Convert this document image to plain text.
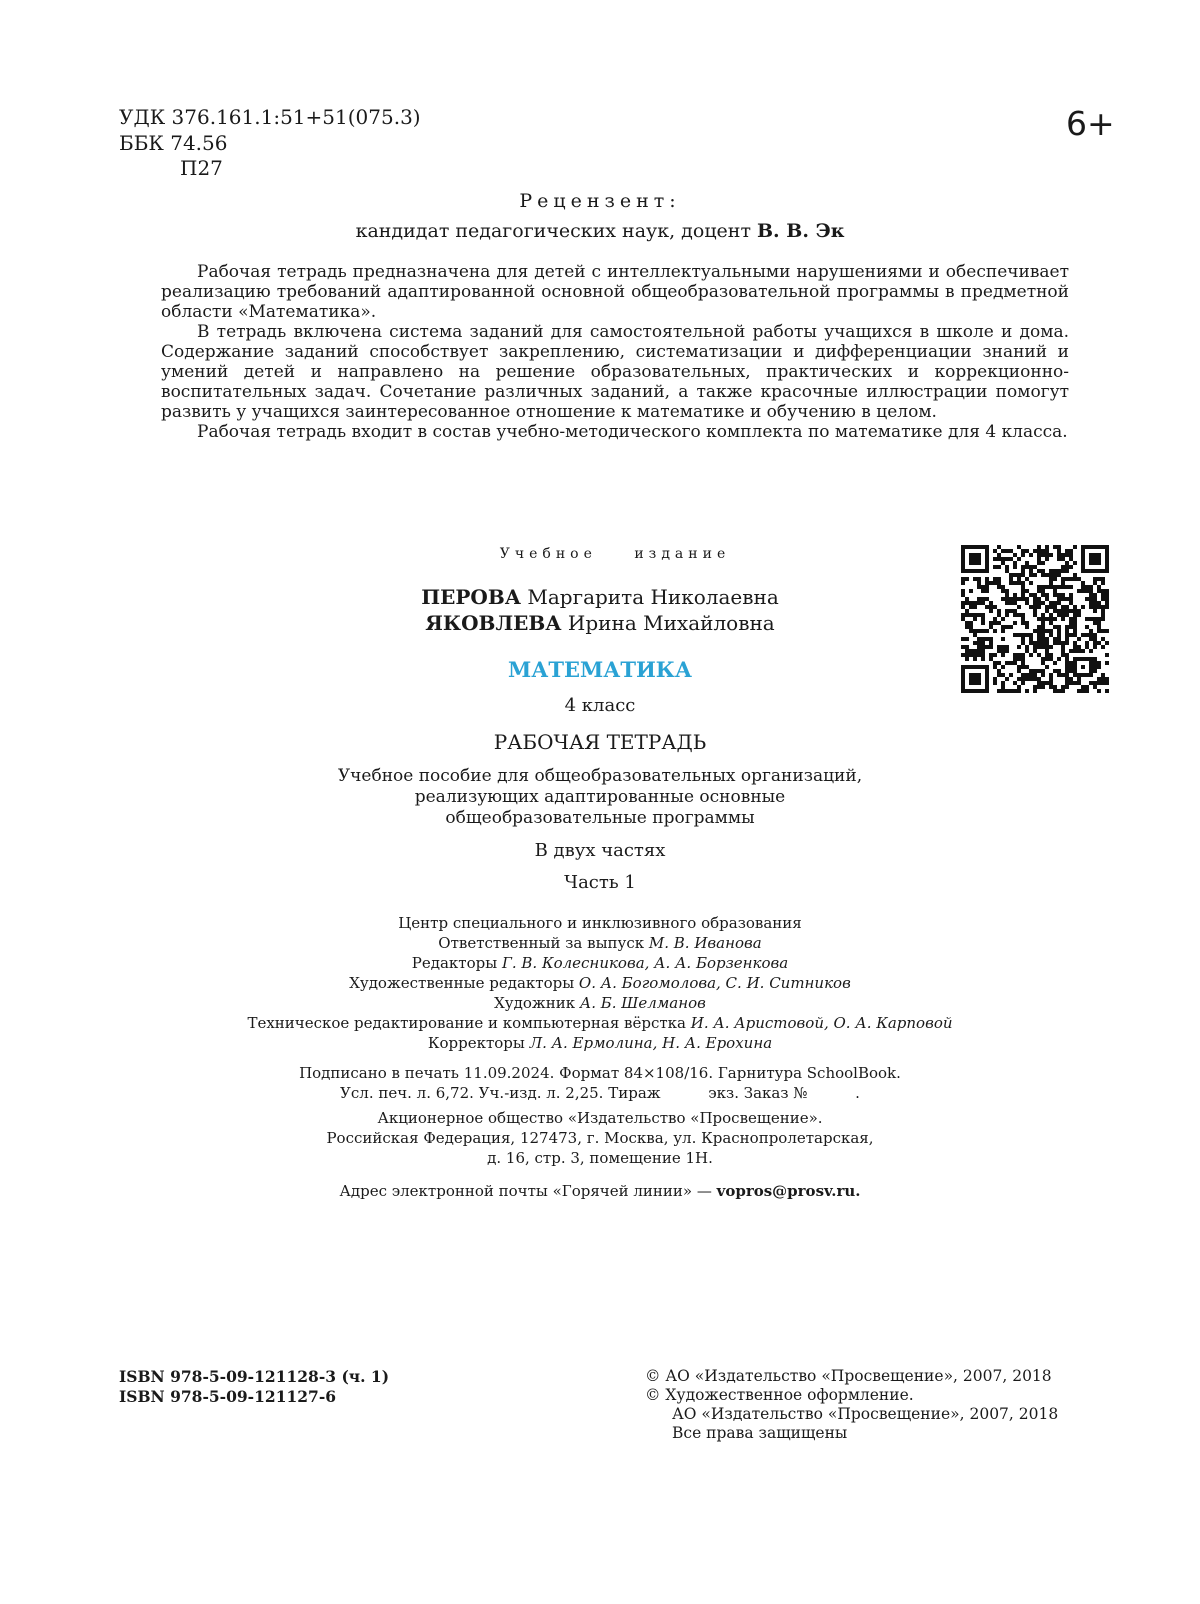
УДК 376.161.1:51+51(075.3)
ББК 74.56
П27
6+
Рецензент:
кандидат педагогических наук, доцент В. В. Эк

Рабочая тетрадь предназначена для детей с интеллектуальными нарушениями и обеспечивает реализацию требований адаптированной основной общеобразовательной программы в предметной области «Математика».

В тетрадь включена система заданий для самостоятельной работы учащихся в школе и дома. Содержание заданий способствует закреплению, систематизации и дифференциации знаний и умений детей и направлено на решение образовательных, практических и коррекционно-воспитательных задач. Сочетание различных заданий, а также красочные иллюстрации помогут развить у учащихся заинтересованное отношение к математике и обучению в целом.

Рабочая тетрадь входит в состав учебно-методического комплекта по математике для 4 класса.

Учебное издание
ПЕРОВА Маргарита Николаевна
ЯКОВЛЕВА Ирина Михайловна
МАТЕМАТИКА
4 класс
РАБОЧАЯ ТЕТРАДЬ
Учебное пособие для общеобразовательных организаций,
реализующих адаптированные основные
общеобразовательные программы
В двух частях
Часть 1
Центр специального и инклюзивного образования
Ответственный за выпуск М. В. Иванова
Редакторы Г. В. Колесникова, А. А. Борзенкова
Художественные редакторы О. А. Богомолова, С. И. Ситников
Художник А. Б. Шелманов
Техническое редактирование и компьютерная вёрстка И. А. Аристовой, О. А. Карповой
Корректоры Л. А. Ермолина, Н. А. Ерохина
Подписано в печать 11.09.2024. Формат 84×108/16. Гарнитура SchoolBook.
Усл. печ. л. 6,72. Уч.-изд. л. 2,25. Тираж          экз. Заказ №          .
Акционерное общество «Издательство «Просвещение».
Российская Федерация, 127473, г. Москва, ул. Краснопролетарская,
д. 16, стр. 3, помещение 1Н.
Адрес электронной почты «Горячей линии» — vopros@prosv.ru.
ISBN 978-5-09-121128-3 (ч. 1)
ISBN 978-5-09-121127-6
© АО «Издательство «Просвещение», 2007, 2018
© Художественное оформление.
АО «Издательство «Просвещение», 2007, 2018
Все права защищены
